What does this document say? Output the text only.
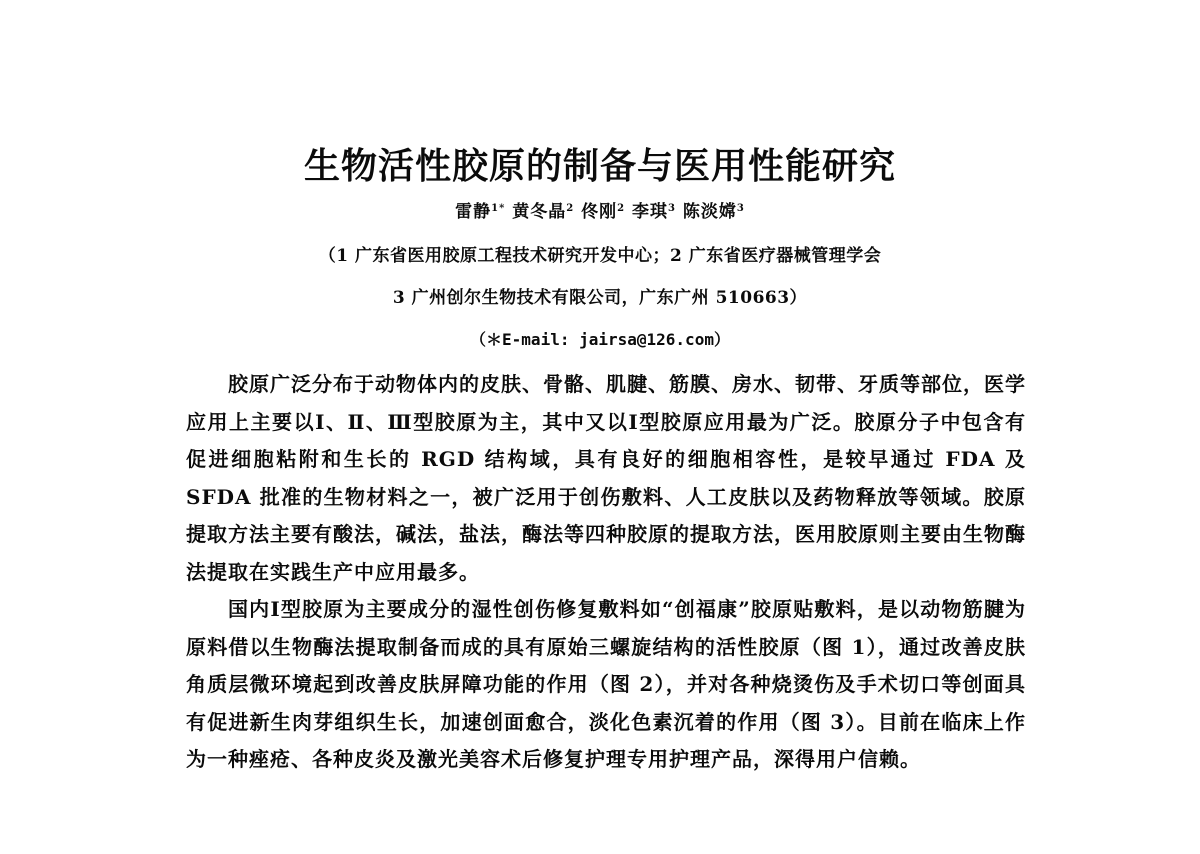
生物活性胶原的制备与医用性能研究
雷静$^{1*}$ 黄冬晶$^2$ 佟刚$^2$ 李琪$^3$ 陈淡嫦$^3$
（1 广东省医用胶原工程技术研究开发中心；2 广东省医疗器械管理学会
3 广州创尔生物技术有限公司，广东广州 510663）
（＊E-mail: jairsa@126.com）

胶原广泛分布于动物体内的皮肤、骨骼、肌腱、筋膜、房水、韧带、牙质等部位，医学应用上主要以Ⅰ、Ⅱ、Ⅲ型胶原为主，其中又以Ⅰ型胶原应用最为广泛。胶原分子中包含有促进细胞粘附和生长的 RGD 结构域，具有良好的细胞相容性，是较早通过 FDA 及 SFDA 批准的生物材料之一，被广泛用于创伤敷料、人工皮肤以及药物释放等领域。胶原提取方法主要有酸法，碱法，盐法，酶法等四种胶原的提取方法，医用胶原则主要由生物酶法提取在实践生产中应用最多。

国内Ⅰ型胶原为主要成分的湿性创伤修复敷料如“创福康”胶原贴敷料，是以动物筋腱为原料借以生物酶法提取制备而成的具有原始三螺旋结构的活性胶原（图 1），通过改善皮肤角质层微环境起到改善皮肤屏障功能的作用（图 2），并对各种烧烫伤及手术切口等创面具有促进新生肉芽组织生长，加速创面愈合，淡化色素沉着的作用（图 3）。目前在临床上作为一种痤疮、各种皮炎及激光美容术后修复护理专用护理产品，深得用户信赖。
